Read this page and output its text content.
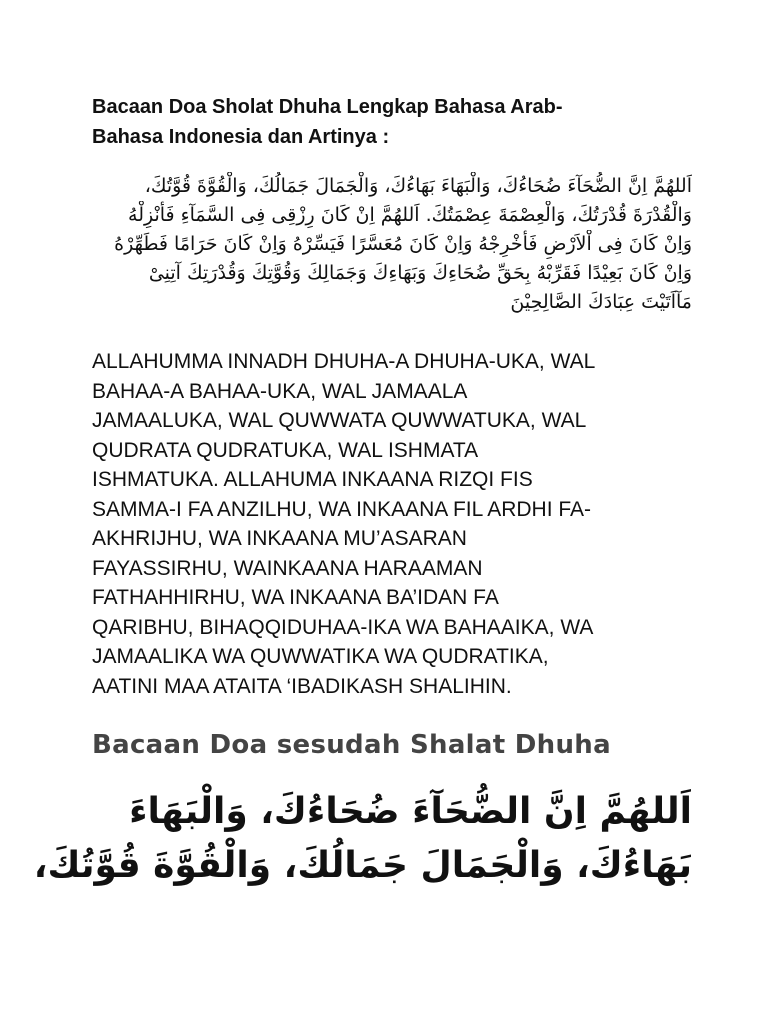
Bacaan Doa Sholat Dhuha Lengkap Bahasa Arab-
Bahasa Indonesia dan Artinya :
اَللهُمَّ اِنَّ الضُّحَآءَ ضُحَاءُكَ، وَالْبَهَاءَ بَهَاءُكَ، وَالْجَمَالَ جَمَالُكَ، وَالْقُوَّةَ قُوَّتُكَ،
وَالْقُدْرَةَ قُدْرَتُكَ، وَالْعِصْمَةَ عِصْمَتُكَ. اَللهُمَّ اِنْ كَانَ رِزْقِى فِى السَّمَآءِ فَأَنْزِلْهُ
وَاِنْ كَانَ فِى اْلاَرْضِ فَأَخْرِجْهُ وَاِنْ كَانَ مُعَسَّرًا فَيَسِّرْهُ وَاِنْ كَانَ حَرَامًا فَطَهِّرْهُ
وَاِنْ كَانَ بَعِيْدًا فَقَرِّبْهُ بِحَقِّ ضُحَاءِكَ وَبَهَاءِكَ وَجَمَالِكَ وَقُوَّتِكَ وَقُدْرَتِكَ آتِنِىْ
مَآاَتَيْتَ عِبَادَكَ الصَّالِحِيْنَ
ALLAHUMMA INNADH DHUHA-A DHUHA-UKA, WAL
BAHAA-A BAHAA-UKA, WAL JAMAALA
JAMAALUKA, WAL QUWWATA QUWWATUKA, WAL
QUDRATA QUDRATUKA, WAL ISHMATA
ISHMATUKA. ALLAHUMA INKAANA RIZQI FIS
SAMMA-I FA ANZILHU, WA INKAANA FIL ARDHI FA-
AKHRIJHU, WA INKAANA MU’ASARAN
FAYASSIRHU, WAINKAANA HARAAMAN
FATHAHHIRHU, WA INKAANA BA’IDAN FA
QARIBHU, BIHAQQIDUHAA-IKA WA BAHAAIKA, WA
JAMAALIKA WA QUWWATIKA WA QUDRATIKA,
AATINI MAA ATAITA ‘IBADIKASH SHALIHIN.
Bacaan Doa sesudah Shalat Dhuha
اَللهُمَّ اِنَّ الضُّحَآءَ ضُحَاءُكَ، وَالْبَهَاءَ
بَهَاءُكَ، وَالْجَمَالَ جَمَالُكَ، وَالْقُوَّةَ قُوَّتُكَ،
